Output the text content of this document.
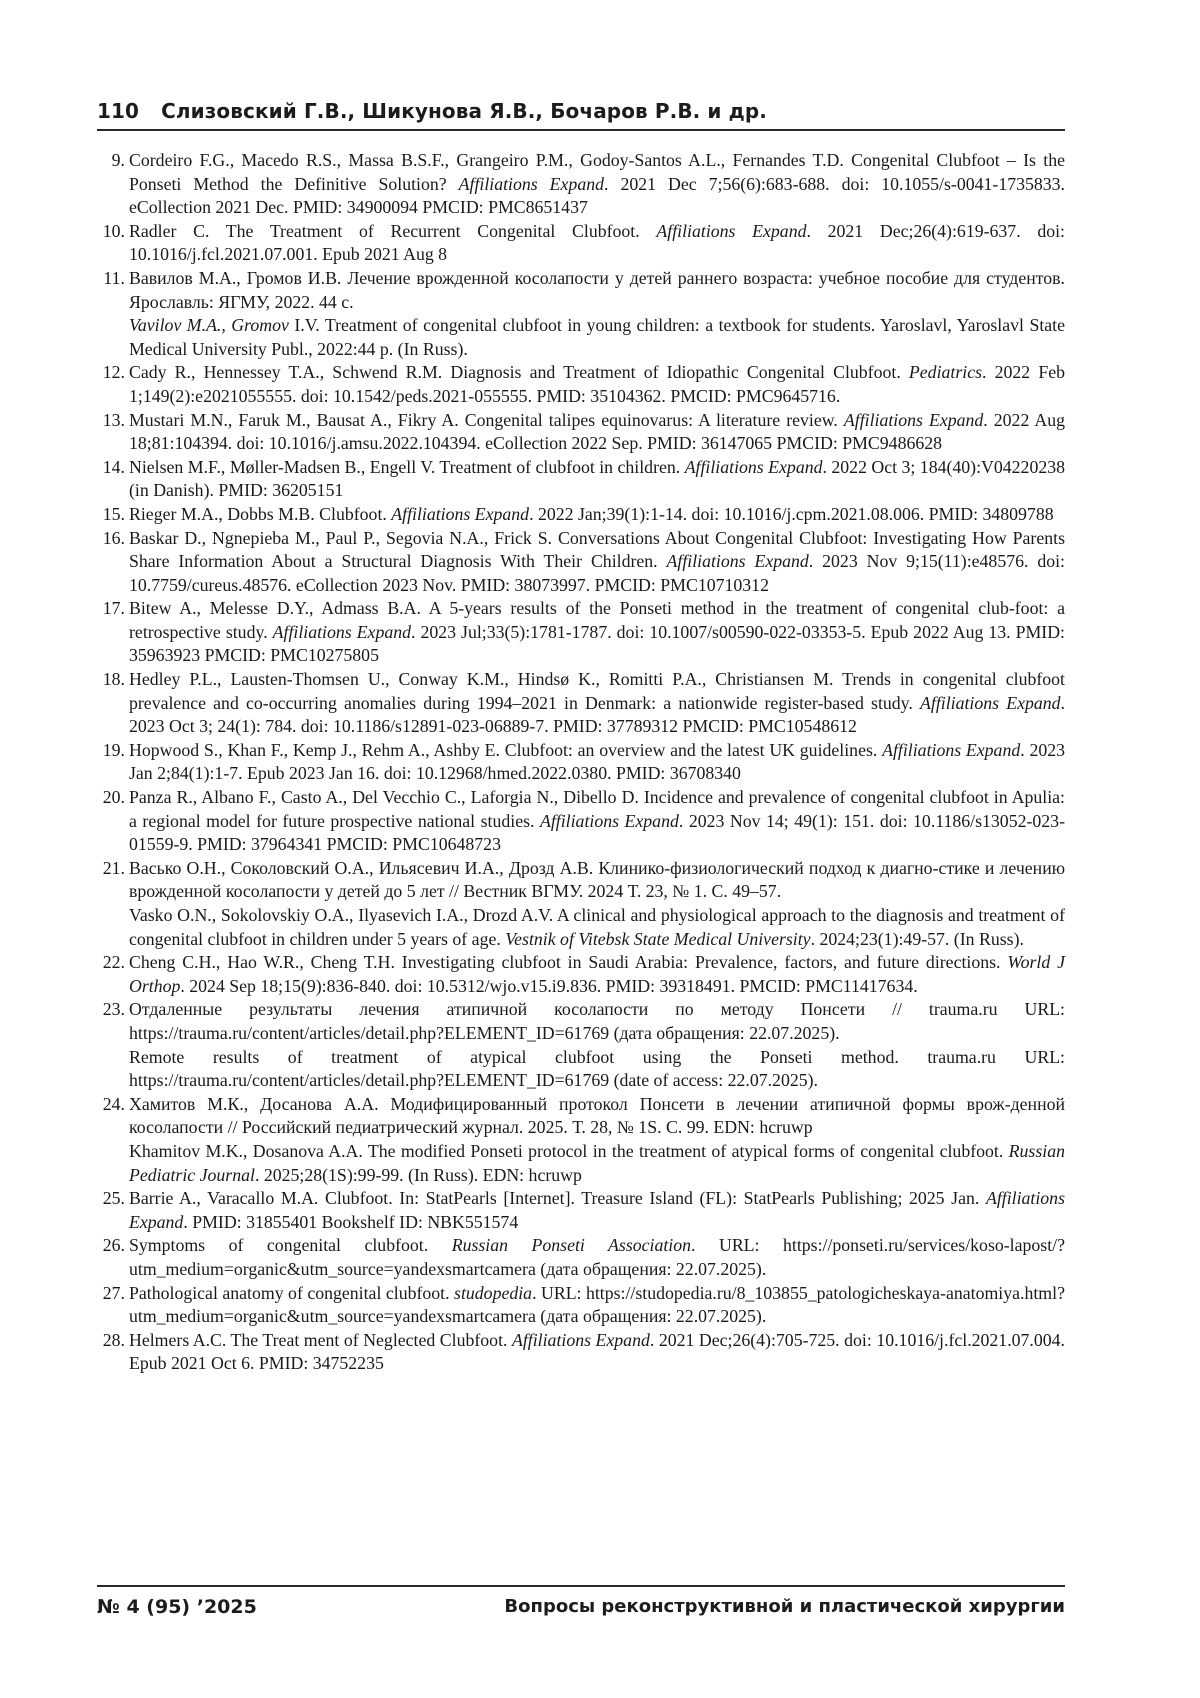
110 Слизовский Г.В., Шикунова Я.В., Бочаров Р.В. и др.
9. Cordeiro F.G., Macedo R.S., Massa B.S.F., Grangeiro P.M., Godoy-Santos A.L., Fernandes T.D. Congenital Clubfoot – Is the Ponseti Method the Definitive Solution? Affiliations Expand. 2021 Dec 7;56(6):683-688. doi: 10.1055/s-0041-1735833. eCollection 2021 Dec. PMID: 34900094 PMCID: PMC8651437
10. Radler C. The Treatment of Recurrent Congenital Clubfoot. Affiliations Expand. 2021 Dec;26(4):619-637. doi: 10.1016/j.fcl.2021.07.001. Epub 2021 Aug 8
11. Вавилов М.А., Громов И.В. Лечение врожденной косолапости у детей раннего возраста: учебное пособие для студентов. Ярославль: ЯГМУ, 2022. 44 с.
Vavilov M.A., Gromov I.V. Treatment of congenital clubfoot in young children: a textbook for students. Yaroslavl, Yaroslavl State Medical University Publ., 2022:44 p. (In Russ).
12. Cady R., Hennessey T.A., Schwend R.M. Diagnosis and Treatment of Idiopathic Congenital Clubfoot. Pediatrics. 2022 Feb 1;149(2):e2021055555. doi: 10.1542/peds.2021-055555. PMID: 35104362. PMCID: PMC9645716.
13. Mustari M.N., Faruk M., Bausat A., Fikry A. Congenital talipes equinovarus: A literature review. Affiliations Expand. 2022 Aug 18;81:104394. doi: 10.1016/j.amsu.2022.104394. eCollection 2022 Sep. PMID: 36147065 PMCID: PMC9486628
14. Nielsen M.F., Møller-Madsen B., Engell V. Treatment of clubfoot in children. Affiliations Expand. 2022 Oct 3; 184(40):V04220238 (in Danish). PMID: 36205151
15. Rieger M.A., Dobbs M.B. Clubfoot. Affiliations Expand. 2022 Jan;39(1):1-14. doi: 10.1016/j.cpm.2021.08.006. PMID: 34809788
16. Baskar D., Ngnepieba M., Paul P., Segovia N.A., Frick S. Conversations About Congenital Clubfoot: Investigating How Parents Share Information About a Structural Diagnosis With Their Children. Affiliations Expand. 2023 Nov 9;15(11):e48576. doi: 10.7759/cureus.48576. eCollection 2023 Nov. PMID: 38073997. PMCID: PMC10710312
17. Bitew A., Melesse D.Y., Admass B.A. A 5-years results of the Ponseti method in the treatment of congenital club-foot: a retrospective study. Affiliations Expand. 2023 Jul;33(5):1781-1787. doi: 10.1007/s00590-022-03353-5. Epub 2022 Aug 13. PMID: 35963923 PMCID: PMC10275805
18. Hedley P.L., Lausten-Thomsen U., Conway K.M., Hindsø K., Romitti P.A., Christiansen M. Trends in congenital clubfoot prevalence and co-occurring anomalies during 1994–2021 in Denmark: a nationwide register-based study. Affiliations Expand. 2023 Oct 3; 24(1): 784. doi: 10.1186/s12891-023-06889-7. PMID: 37789312 PMCID: PMC10548612
19. Hopwood S., Khan F., Kemp J., Rehm A., Ashby E. Clubfoot: an overview and the latest UK guidelines. Affiliations Expand. 2023 Jan 2;84(1):1-7. Epub 2023 Jan 16. doi: 10.12968/hmed.2022.0380. PMID: 36708340
20. Panza R., Albano F., Casto A., Del Vecchio C., Laforgia N., Dibello D. Incidence and prevalence of congenital clubfoot in Apulia: a regional model for future prospective national studies. Affiliations Expand. 2023 Nov 14; 49(1): 151. doi: 10.1186/s13052-023-01559-9. PMID: 37964341 PMCID: PMC10648723
21. Васько О.Н., Соколовский О.А., Ильясевич И.А., Дрозд А.В. Клинико-физиологический подход к диагно-стике и лечению врожденной косолапости у детей до 5 лет // Вестник ВГМУ. 2024 Т. 23, № 1. С. 49–57.
Vasko O.N., Sokolovskiy O.A., Ilyasevich I.A., Drozd A.V. A clinical and physiological approach to the diagnosis and treatment of congenital clubfoot in children under 5 years of age. Vestnik of Vitebsk State Medical University. 2024;23(1):49-57. (In Russ).
22. Cheng C.H., Hao W.R., Cheng T.H. Investigating clubfoot in Saudi Arabia: Prevalence, factors, and future directions. World J Orthop. 2024 Sep 18;15(9):836-840. doi: 10.5312/wjo.v15.i9.836. PMID: 39318491. PMCID: PMC11417634.
23. Отдаленные результаты лечения атипичной косолапости по методу Понсети // trauma.ru URL: https://trauma.ru/content/articles/detail.php?ELEMENT_ID=61769 (дата обращения: 22.07.2025).
Remote results of treatment of atypical clubfoot using the Ponseti method. trauma.ru URL: https://trauma.ru/content/articles/detail.php?ELEMENT_ID=61769 (date of access: 22.07.2025).
24. Хамитов М.К., Досанова А.А. Модифицированный протокол Понсети в лечении атипичной формы врож-денной косолапости // Российский педиатрический журнал. 2025. Т. 28, № 1S. С. 99. EDN: hcruwp
Khamitov M.K., Dosanova A.A. The modified Ponseti protocol in the treatment of atypical forms of congenital clubfoot. Russian Pediatric Journal. 2025;28(1S):99-99. (In Russ). EDN: hcruwp
25. Barrie A., Varacallo M.A. Clubfoot. In: StatPearls [Internet]. Treasure Island (FL): StatPearls Publishing; 2025 Jan. Affiliations Expand. PMID: 31855401 Bookshelf ID: NBK551574
26. Symptoms of congenital clubfoot. Russian Ponseti Association. URL: https://ponseti.ru/services/koso-lapost/?utm_medium=organic&utm_source=yandexsmartcamera (дата обращения: 22.07.2025).
27. Pathological anatomy of congenital clubfoot. studopedia. URL: https://studopedia.ru/8_103855_patologicheskaya-anatomiya.html?utm_medium=organic&utm_source=yandexsmartcamera (дата обращения: 22.07.2025).
28. Helmers A.C. The Treat ment of Neglected Clubfoot. Affiliations Expand. 2021 Dec;26(4):705-725. doi: 10.1016/j.fcl.2021.07.004. Epub 2021 Oct 6. PMID: 34752235
№ 4 (95) ’2025	Вопросы реконструктивной и пластической хирургии
